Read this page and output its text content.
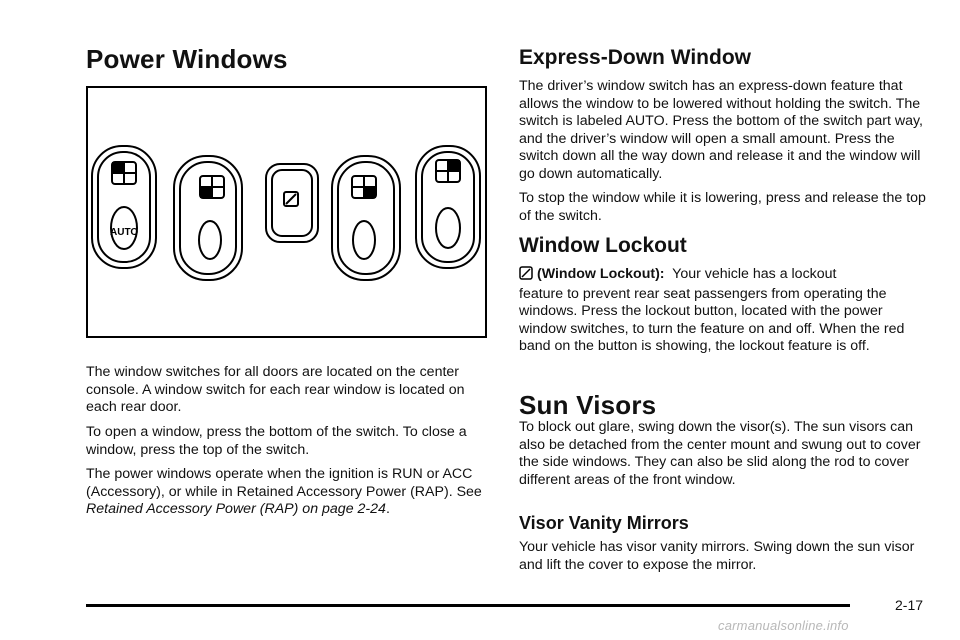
Power Windows
AUTO

The window switches for all doors are located on the center console. A window switch for each rear window is located on each rear door.

To open a window, press the bottom of the switch. To close a window, press the top of the switch.

The power windows operate when the ignition is RUN or ACC (Accessory), or while in Retained Accessory Power (RAP). See Retained Accessory Power (RAP) on page 2-24.

Express-Down Window

The driver’s window switch has an express-down feature that allows the window to be lowered without holding the switch. The switch is labeled AUTO. Press the bottom of the switch part way, and the driver’s window will open a small amount. Press the switch down all the way down and release it and the window will go down automatically.

To stop the window while it is lowering, press and release the top of the switch.

Window Lockout

(Window Lockout): Your vehicle has a lockout
feature to prevent rear seat passengers from operating the windows. Press the lockout button, located with the power window switches, to turn the feature on and off. When the red band on the button is showing, the lockout feature is off.

Sun Visors

To block out glare, swing down the visor(s). The sun visors can also be detached from the center mount and swung out to cover the side windows. They can also be slid along the rod to cover different areas of the front window.

Visor Vanity Mirrors

Your vehicle has visor vanity mirrors. Swing down the sun visor and lift the cover to expose the mirror.

2-17
carmanualsonline.info
